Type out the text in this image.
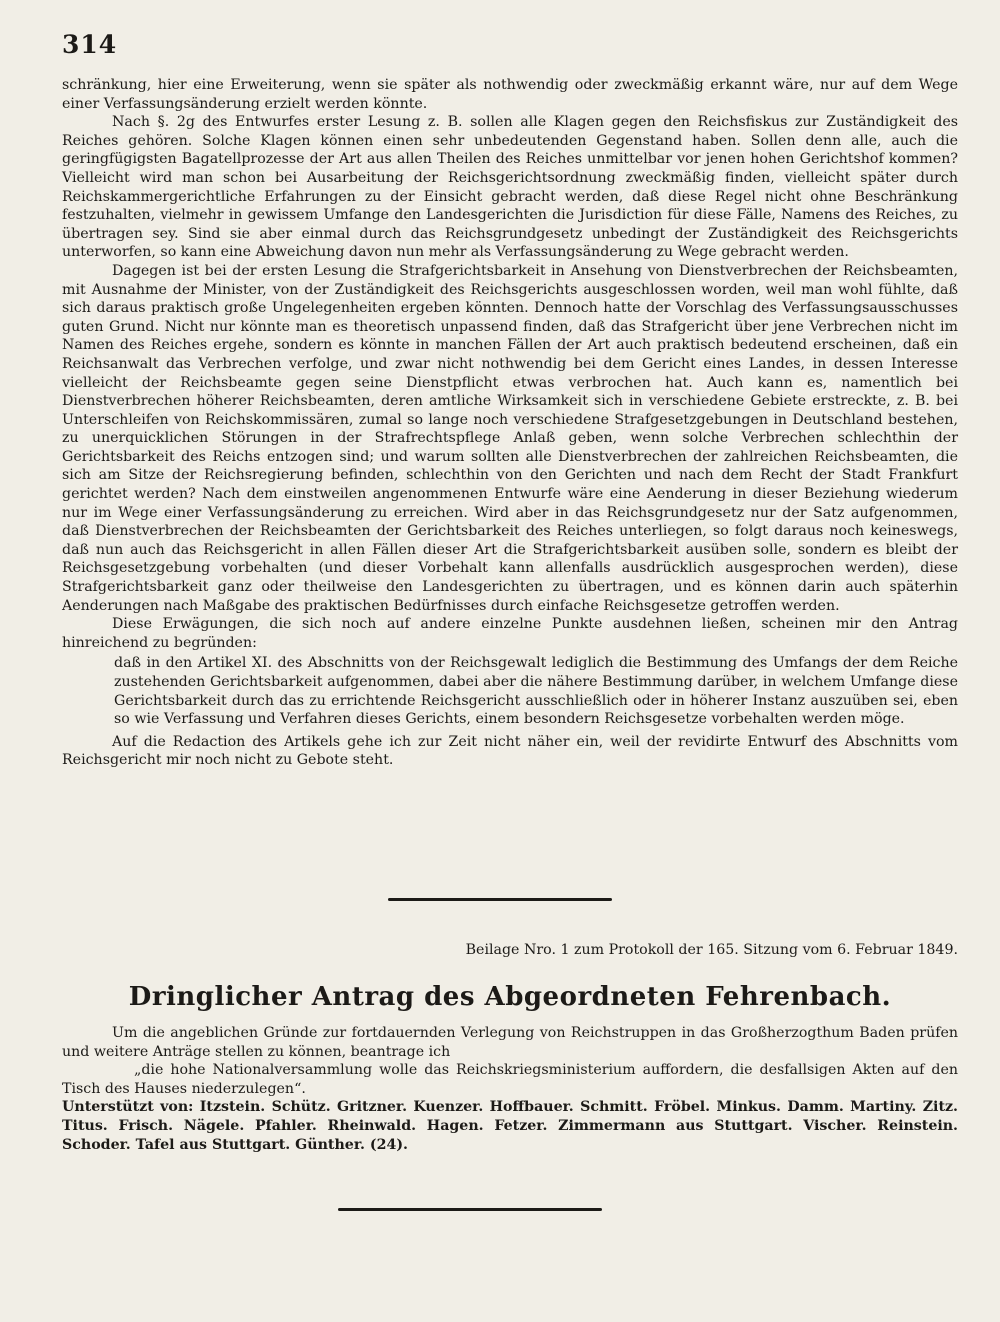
314

schränkung, hier eine Erweiterung, wenn sie später als nothwendig oder zweckmäßig erkannt wäre, nur auf dem Wege einer Verfassungsänderung erzielt werden könnte.

Nach §. 2g des Entwurfes erster Lesung z. B. sollen alle Klagen gegen den Reichsfiskus zur Zuständigkeit des Reiches gehören. Solche Klagen können einen sehr unbedeutenden Gegenstand haben. Sollen denn alle, auch die geringfügigsten Bagatellprozesse der Art aus allen Theilen des Reiches unmittelbar vor jenen hohen Gerichtshof kommen? Vielleicht wird man schon bei Ausarbeitung der Reichsgerichtsordnung zweckmäßig finden, vielleicht später durch Reichskammergerichtliche Erfahrungen zu der Einsicht gebracht werden, daß diese Regel nicht ohne Beschränkung festzuhalten, vielmehr in gewissem Umfange den Landesgerichten die Jurisdiction für diese Fälle, Namens des Reiches, zu übertragen sey. Sind sie aber einmal durch das Reichsgrundgesetz unbedingt der Zuständigkeit des Reichsgerichts unterworfen, so kann eine Abweichung davon nun mehr als Verfassungsänderung zu Wege gebracht werden.

Dagegen ist bei der ersten Lesung die Strafgerichtsbarkeit in Ansehung von Dienstverbrechen der Reichsbeamten, mit Ausnahme der Minister, von der Zuständigkeit des Reichsgerichts ausgeschlossen worden, weil man wohl fühlte, daß sich daraus praktisch große Ungelegenheiten ergeben könnten. Dennoch hatte der Vorschlag des Verfassungsausschusses guten Grund. Nicht nur könnte man es theoretisch unpassend finden, daß das Strafgericht über jene Verbrechen nicht im Namen des Reiches ergehe, sondern es könnte in manchen Fällen der Art auch praktisch bedeutend erscheinen, daß ein Reichsanwalt das Verbrechen verfolge, und zwar nicht nothwendig bei dem Gericht eines Landes, in dessen Interesse vielleicht der Reichsbeamte gegen seine Dienstpflicht etwas verbrochen hat. Auch kann es, namentlich bei Dienstverbrechen höherer Reichsbeamten, deren amtliche Wirksamkeit sich in verschiedene Gebiete erstreckte, z. B. bei Unterschleifen von Reichskommissären, zumal so lange noch verschiedene Strafgesetzgebungen in Deutschland bestehen, zu unerquicklichen Störungen in der Strafrechtspflege Anlaß geben, wenn solche Verbrechen schlechthin der Gerichtsbarkeit des Reichs entzogen sind; und warum sollten alle Dienstverbrechen der zahlreichen Reichsbeamten, die sich am Sitze der Reichsregierung befinden, schlechthin von den Gerichten und nach dem Recht der Stadt Frankfurt gerichtet werden? Nach dem einstweilen angenommenen Entwurfe wäre eine Aenderung in dieser Beziehung wiederum nur im Wege einer Verfassungsänderung zu erreichen. Wird aber in das Reichsgrundgesetz nur der Satz aufgenommen, daß Dienstverbrechen der Reichsbeamten der Gerichtsbarkeit des Reiches unterliegen, so folgt daraus noch keineswegs, daß nun auch das Reichsgericht in allen Fällen dieser Art die Strafgerichtsbarkeit ausüben solle, sondern es bleibt der Reichsgesetzgebung vorbehalten (und dieser Vorbehalt kann allenfalls ausdrücklich ausgesprochen werden), diese Strafgerichtsbarkeit ganz oder theilweise den Landesgerichten zu übertragen, und es können darin auch späterhin Aenderungen nach Maßgabe des praktischen Bedürfnisses durch einfache Reichsgesetze getroffen werden.

Diese Erwägungen, die sich noch auf andere einzelne Punkte ausdehnen ließen, scheinen mir den Antrag hinreichend zu begründen:

daß in den Artikel XI. des Abschnitts von der Reichsgewalt lediglich die Bestimmung des Umfangs der dem Reiche zustehenden Gerichtsbarkeit aufgenommen, dabei aber die nähere Bestimmung darüber, in welchem Umfange diese Gerichtsbarkeit durch das zu errichtende Reichsgericht ausschließlich oder in höherer Instanz auszuüben sei, eben so wie Verfassung und Verfahren dieses Gerichts, einem besondern Reichsgesetze vorbehalten werden möge.

Auf die Redaction des Artikels gehe ich zur Zeit nicht näher ein, weil der revidirte Entwurf des Abschnitts vom Reichsgericht mir noch nicht zu Gebote steht.

Beilage Nro. 1 zum Protokoll der 165. Sitzung vom 6. Februar 1849.
Dringlicher Antrag des Abgeordneten Fehrenbach.

Um die angeblichen Gründe zur fortdauernden Verlegung von Reichstruppen in das Großherzogthum Baden prüfen und weitere Anträge stellen zu können, beantrage ich

„die hohe Nationalversammlung wolle das Reichskriegsministerium auffordern, die desfallsigen Akten auf den Tisch des Hauses niederzulegen“.

Unterstützt von: Itzstein. Schütz. Gritzner. Kuenzer. Hoffbauer. Schmitt. Fröbel. Minkus. Damm. Martiny. Zitz. Titus. Frisch. Nägele. Pfahler. Rheinwald. Hagen. Fetzer. Zimmermann aus Stuttgart. Vischer. Reinstein. Schoder. Tafel aus Stuttgart. Günther. (24).
